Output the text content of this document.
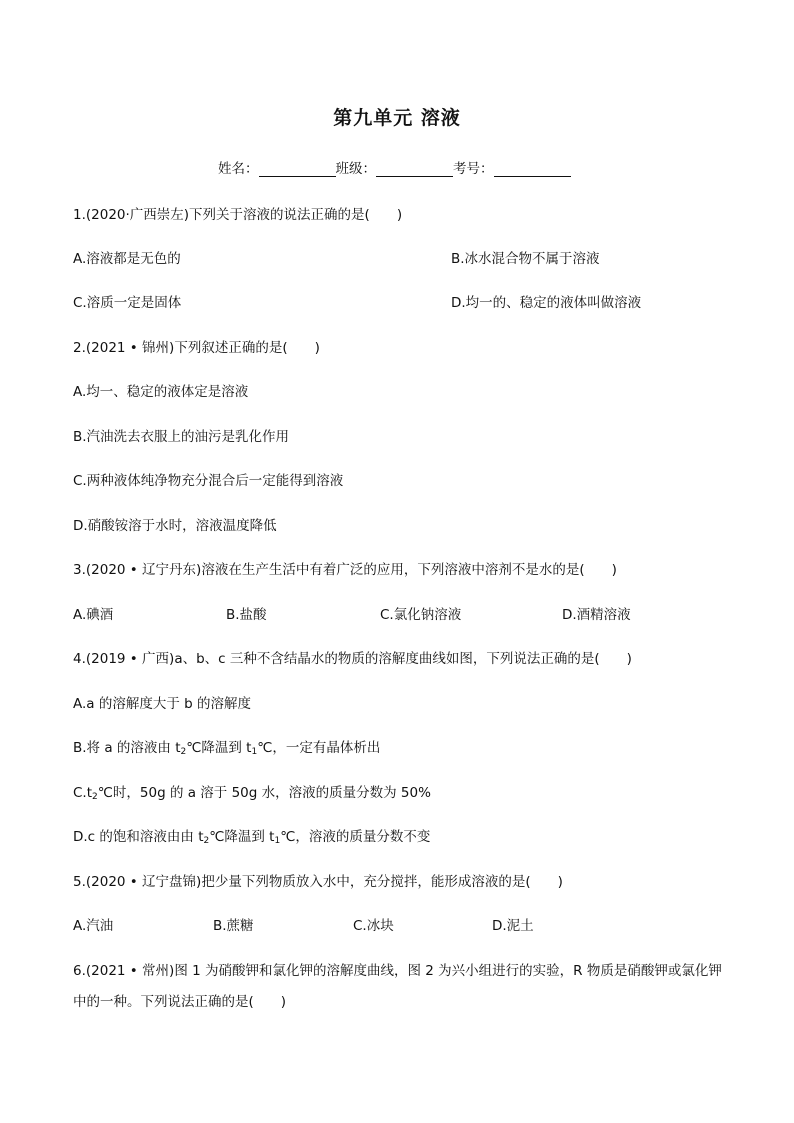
第九单元 溶液
姓名：	班级：	考号：
1.(2020·广西崇左)下列关于溶液的说法正确的是(　　)
A.溶液都是无色的	B.冰水混合物不属于溶液
C.溶质一定是固体	D.均一的、稳定的液体叫做溶液
2.(2021 • 锦州)下列叙述正确的是(　　)
A.均一、稳定的液体定是溶液
B.汽油洗去衣服上的油污是乳化作用
C.两种液体纯净物充分混合后一定能得到溶液
D.硝酸铵溶于水时，溶液温度降低
3.(2020 • 辽宁丹东)溶液在生产生活中有着广泛的应用，下列溶液中溶剂不是水的是(　　)
A.碘酒	B.盐酸	C.氯化钠溶液	D.酒精溶液
4.(2019 • 广西)a、b、c 三种不含结晶水的物质的溶解度曲线如图，下列说法正确的是(　　)
A.a 的溶解度大于 b 的溶解度
B.将 a 的溶液由 $t_2℃$降温到 $t_1℃$，一定有晶体析出
$C.t_2℃$时，50g 的 a 溶于 50g 水，溶液的质量分数为 50%
D.c 的饱和溶液由由 $t_2℃$降温到 $t_1℃$，溶液的质量分数不变
5.(2020 • 辽宁盘锦)把少量下列物质放入水中，充分搅拌，能形成溶液的是(　　)
A.汽油	B.蔗糖	C.冰块	D.泥土
6.(2021 • 常州)图 1 为硝酸钾和氯化钾的溶解度曲线，图 2 为兴小组进行的实验，R 物质是硝酸钾或氯化钾
中的一种。下列说法正确的是(　　)
